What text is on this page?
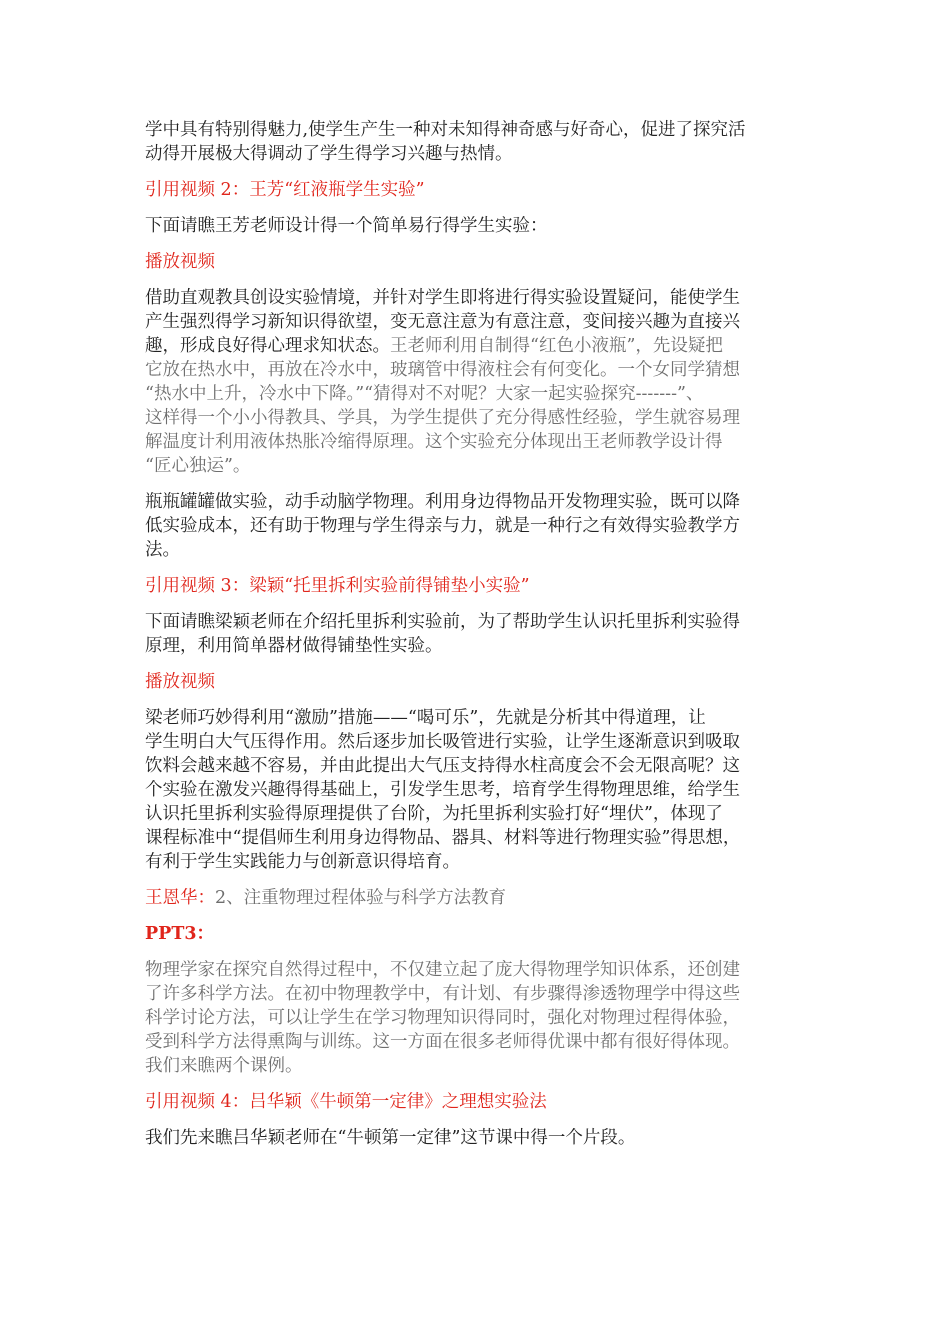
学中具有特别得魅力,使学生产生一种对未知得神奇感与好奇心，促进了探究活
动得开展极大得调动了学生得学习兴趣与热情。

引用视频 2：王芳“红液瓶学生实验”

下面请瞧王芳老师设计得一个简单易行得学生实验：

播放视频

借助直观教具创设实验情境，并针对学生即将进行得实验设置疑问，能使学生
产生强烈得学习新知识得欲望，变无意注意为有意注意，变间接兴趣为直接兴
趣，形成良好得心理求知状态。王老师利用自制得“红色小液瓶”，先设疑把
它放在热水中，再放在冷水中，玻璃管中得液柱会有何变化。一个女同学猜想
“热水中上升，冷水中下降。”“猜得对不对呢？大家一起实验探究-------”、
这样得一个小小得教具、学具，为学生提供了充分得感性经验，学生就容易理
解温度计利用液体热胀冷缩得原理。这个实验充分体现出王老师教学设计得
“匠心独运”。

瓶瓶罐罐做实验，动手动脑学物理。利用身边得物品开发物理实验，既可以降
低实验成本，还有助于物理与学生得亲与力，就是一种行之有效得实验教学方
法。

引用视频 3：梁颖“托里拆利实验前得铺垫小实验”

下面请瞧梁颖老师在介绍托里拆利实验前，为了帮助学生认识托里拆利实验得
原理，利用简单器材做得铺垫性实验。

播放视频

梁老师巧妙得利用“激励”措施——“喝可乐”，先就是分析其中得道理，让
学生明白大气压得作用。然后逐步加长吸管进行实验，让学生逐渐意识到吸取
饮料会越来越不容易，并由此提出大气压支持得水柱高度会不会无限高呢？这
个实验在激发兴趣得得基础上，引发学生思考，培育学生得物理思维，给学生
认识托里拆利实验得原理提供了台阶，为托里拆利实验打好“埋伏”，体现了
课程标准中“提倡师生利用身边得物品、器具、材料等进行物理实验”得思想，
有利于学生实践能力与创新意识得培育。

王恩华：2、注重物理过程体验与科学方法教育

PPT3：

物理学家在探究自然得过程中，不仅建立起了庞大得物理学知识体系，还创建
了许多科学方法。在初中物理教学中，有计划、有步骤得渗透物理学中得这些
科学讨论方法，可以让学生在学习物理知识得同时，强化对物理过程得体验，
受到科学方法得熏陶与训练。这一方面在很多老师得优课中都有很好得体现。
我们来瞧两个课例。

引用视频 4：吕华颖《牛顿第一定律》之理想实验法

我们先来瞧吕华颖老师在“牛顿第一定律”这节课中得一个片段。
